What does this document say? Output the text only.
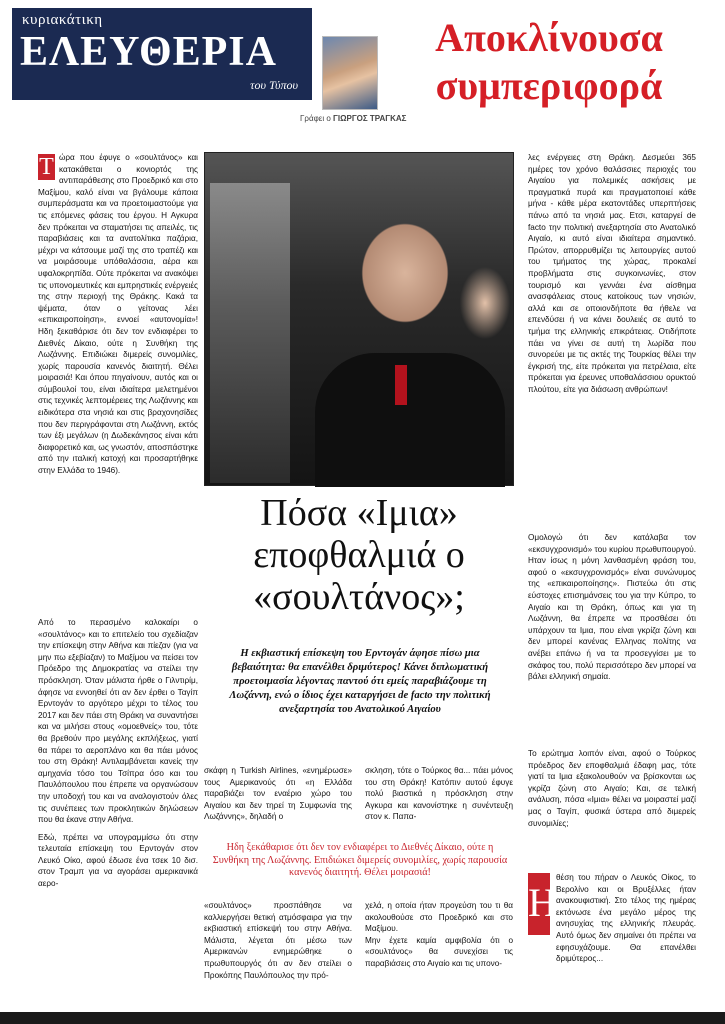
κυριακάτικη
ΕΛΕΥΘΕΡΙΑ
του Τύπου
Αποκλίνουσα συμπεριφορά
Γράφει ο ΓΙΩΡΓΟΣ ΤΡΑΓΚΑΣ
Τ ώρα που έφυγε ο «σουλτάνος» και κατακάθεται ο κονιορτός της αντιπαράθεσης στο Προεδρικό και στο Μαξίμου, καλό είναι να βγάλουμε κάποια συμπεράσματα και να προετοιμαστούμε για τις επόμενες φάσεις του έργου. Η Αγκυρα δεν πρόκειται να σταματήσει τις απειλές, τις παραβιάσεις και τα ανατολίτικα παζάρια, μέχρι να κάτσουμε μαζί της στο τραπέζι και να μοιράσουμε υπόθαλάσσια, αέρα και υφαλοκρηπίδα. Ούτε πρόκειται να ανακόψει τις υπονομευτικές και εμπρηστικές ενέργειές της στην περιοχή της Θράκης. Κακά τα ψέματα, όταν ο γείτονας λέει «επικαιροποίηση», εννοεί «αυτονομία»! Ηδη ξεκαθάρισε ότι δεν τον ενδιαφέρει το Διεθνές Δίκαιο, ούτε η Συνθήκη της Λωζάννης. Επιδιώκει διμερείς συνομιλίες, χωρίς παρουσία κανενός διαιτητή. Θέλει μοιρασιά! Και όπου πηγαίνουν, αυτός και οι σύμβουλοί του, είναι ιδιαίτερα μελετημένοι στις τεχνικές λεπτομέρειες της Λωζάννης και ειδικότερα στα νησιά και στις βραχονησίδες που δεν περιγράφονται στη Λωζάννη, εκτός των έξι μεγάλων (η Δωδεκάνησος είναι κάτι διαφορετικό και, ως γνωστόν, αποσπάστηκε από την ιταλική κατοχή και προσαρτήθηκε στην Ελλάδα το 1946).

Πόσα «Ιμια» εποφθαλμιά ο «σουλτάνος»;
Η εκβιαστική επίσκεψη του Ερντογάν άφησε πίσω μια βεβαιότητα: θα επανέλθει δριμύτερος! Κάνει διπλωματική προετοιμασία λέγοντας παντού ότι εμείς παραβιάζουμε τη Λωζάννη, ενώ ο ίδιος έχει καταργήσει de facto την πολιτική ανεξαρτησία του Ανατολικού Αιγαίου

Από το περασμένο καλοκαίρι ο «σουλτάνος» και το επιτελείο του σχεδίαζαν την επίσκεψη στην Αθήνα και πίεζαν (για να μην πω εξεβίαζαν) το Μαξίμου να πείσει τον Πρόεδρο της Δημοκρατίας να στείλει την πρόσκληση. Όταν μάλιστα ήρθε ο Γιλντιρίμ, άφησε να εννοηθεί ότι αν δεν έρθει ο Ταγίπ Ερντογάν το αργότερο μέχρι το τέλος του 2017 και δεν πάει στη Θράκη να συναντήσει και να μιλήσει στους «ομοεθνείς» του, τότε θα βρεθούν προ μεγάλης εκπλήξεως, γιατί θα πάρει το αεροπλάνο και θα πάει μόνος του στη Θράκη! Αντιλαμβάνεται κανείς την αμηχανία τόσο του Τσίπρα όσο και του Παυλόπουλου που έπρεπε να οργανώσουν την υποδοχή του και να αναλογιστούν όλες τις συνέπειες των προκλητικών δηλώσεων που θα έκανε στην Αθήνα.

Εδώ, πρέπει να υπογραμμίσω ότι στην τελευταία επίσκεψη του Ερντογάν στον Λευκό Οίκο, αφού έδωσε ένα τσεκ 10 δισ. στον Τραμπ για να αγοράσει αμερικανικά αερο-

σκάφη η Turkish Airlines, «ενημέρωσε» τους Αμερικανούς ότι «η Ελλάδα παραβιάζει τον εναέριο χώρο του Αιγαίου και δεν τηρεί τη Συμφωνία της Λωζάννης», δηλαδή ο

σκληση, τότε ο Τούρκος θα... πάει μόνος του στη Θράκη! Κατόπιν αυτού έφυγε πολύ βιαστικά η πρόσκληση στην Αγκυρα και κανονίστηκε η συνέντευξη στον κ. Παπα-

Ηδη ξεκάθαρισε ότι δεν τον ενδιαφέρει το Διεθνές Δίκαιο, ούτε η Συνθήκη της Λωζάννης. Επιδιώκει διμερείς συνομιλίες, χωρίς παρουσία κανενός διαιτητή. Θέλει μοιρασιά!

«σουλτάνος» προσπάθησε να καλλιεργήσει θετική ατμόσφαιρα για την εκβιαστική επίσκεψή του στην Αθήνα. Μάλιστα, λέγεται ότι μέσω των Αμερικανών ενημερώθηκε ο πρωθυπουργός ότι αν δεν στείλει ο Προκόπης Παυλόπουλος την πρό-

χελά, η οποία ήταν προγεύση του τι θα ακολουθούσε στο Προεδρικό και στο Μαξίμου.
Μην έχετε καμία αμφιβολία ότι ο «σουλτάνος» θα συνεχίσει τις παραβιάσεις στο Αιγαίο και τις υπονο-

λες ενέργειες στη Θράκη. Δεσμεύει 365 ημέρες τον χρόνο θαλάσσιες περιοχές του Αιγαίου για πολεμικές ασκήσεις με πραγματικά πυρά και πραγματοποιεί κάθε μήνα - κάθε μέρα εκατοντάδες υπερπτήσεις πάνω από τα νησιά μας. Ετσι, καταργεί de facto την πολιτική ανεξαρτησία στο Ανατολικό Αιγαίο, κι αυτό είναι ιδιαίτερα σημαντικό. Πρώτον, απορρυθμίζει τις λειτουργίες αυτού του τμήματος της χώρας, προκαλεί προβλήματα στις συγκοινωνίες, στον τουρισμό και γεννάει ένα αίσθημα ανασφάλειας στους κατοίκους των νησιών, αλλά και σε οποιονδήποτε θα ήθελε να επενδύσει ή να κάνει δουλειές σε αυτό το τμήμα της ελληνικής επικράτειας. Οτιδήποτε πάει να γίνει σε αυτή τη λωρίδα που συνορεύει με τις ακτές της Τουρκίας θέλει την έγκρισή της, είτε πρόκειται για πετρέλαια, είτε πρόκειται για έρευνες υποθαλάσσιου ορυκτού πλούτου, είτε για διάσωση ανθρώπων!

Ομολογώ ότι δεν κατάλαβα τον «εκσυγχρονισμό» του κυρίου πρωθυπουργού. Ηταν ίσως η μόνη λανθασμένη φράση του, αφού ο «εκσυγχρονισμός» είναι συνώνυμος της «επικαιροποίησης». Πιστεύω ότι στις εύστοχες επισημάνσεις του για την Κύπρο, το Αιγαίο και τη Θράκη, όπως και για τη Λωζάννη, θα έπρεπε να προσθέσει ότι υπάρχουν τα Ιμια, που είναι γκρίζα ζώνη και δεν μπορεί κανένας Ελληνας πολίτης να ανέβει επάνω ή να τα προσεγγίσει με το σκάφος του, πολύ περισσότερο δεν μπορεί να βάλει ελληνική σημαία.

Το ερώτημα λοιπόν είναι, αφού ο Τούρκος πρόεδρος δεν εποφθαλμιά έδαφη μας, τότε γιατί τα Ιμια εξακολουθούν να βρίσκονται ως γκρίζα ζώνη στο Αιγαίο; Και, σε τελική ανάλυση, πόσα «Ιμια» θέλει να μοιραστεί μαζί μας ο Ταγίπ, φυσικά ύστερα από διμερείς συνομιλίες;

Η

θέση του πήραν ο Λευκός Οίκος, το Βερολίνο και οι Βρυξέλλες ήταν ανακουφιστική. Στο τέλος της ημέρας εκτόνωσε ένα μεγάλο μέρος της ανησυχίας της ελληνικής πλευράς. Αυτό όμως δεν σημαίνει ότι πρέπει να εφησυχάζουμε. Θα επανέλθει δριμύτερος...
